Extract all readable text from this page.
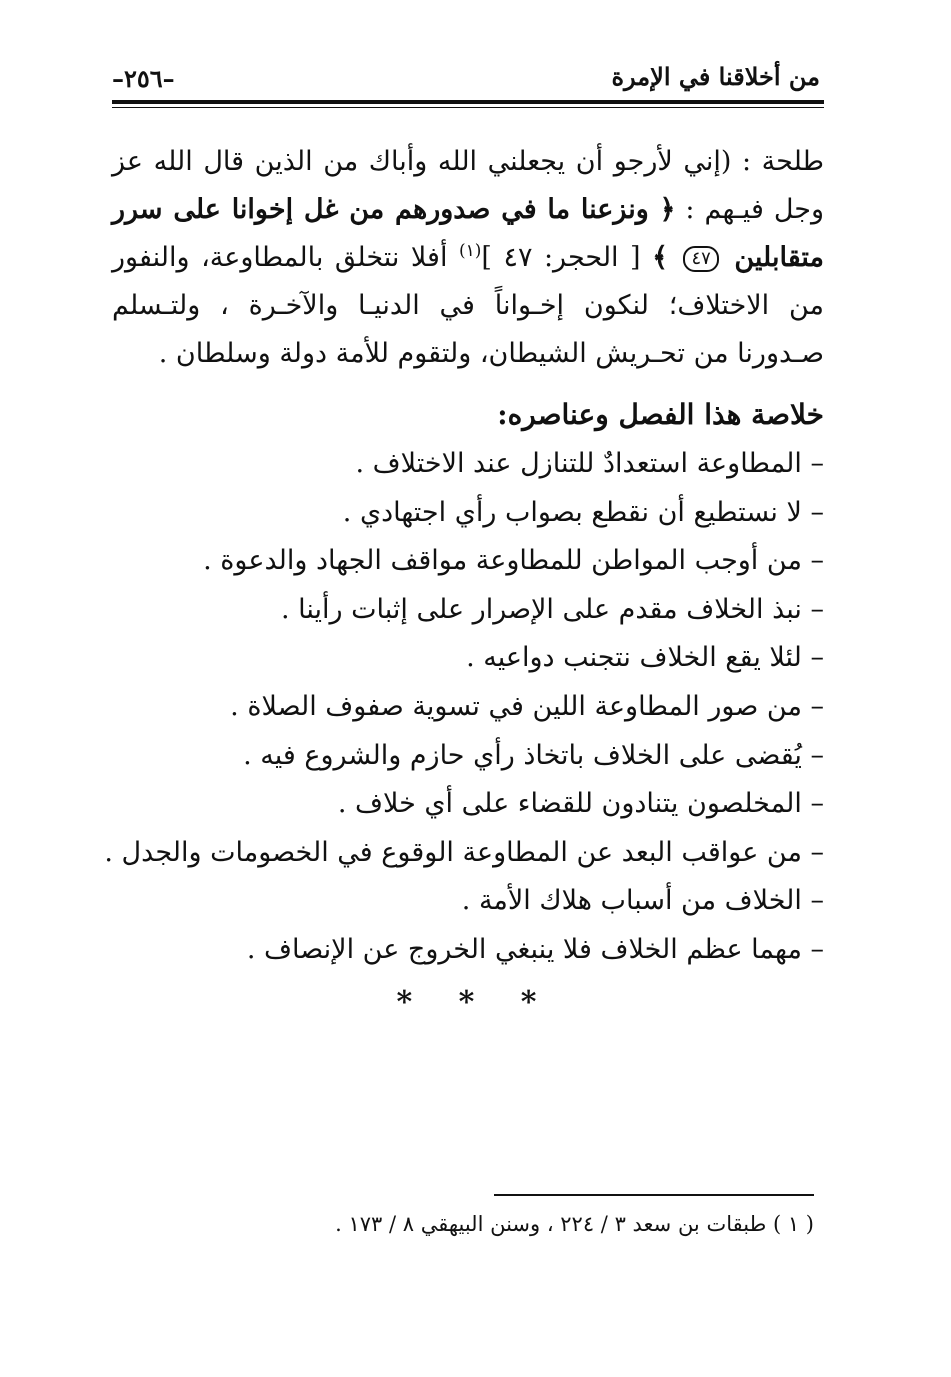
من أخلاقنا في الإمرة
–٢٥٦–

طلحة : (إني لأرجو أن يجعلني الله وأباك من الذين قال الله عز وجل فيـهم : ﴿ ونزعنا ما في صدورهم من غل إخوانا على سرر متقابلين ٤٧ ﴾ [ الحجر: ٤٧ ]$^{(١)}$ أفلا نتخلق بالمطاوعة، والنفور من الاختلاف؛ لنكون إخـواناً في الدنيـا والآخـرة ، ولتـسلم صـدورنا من تحـريش الشيطان، ولتقوم للأمة دولة وسلطان .

خلاصة هذا الفصل وعناصره:
– المطاوعة استعدادٌ للتنازل عند الاختلاف .
– لا نستطيع أن نقطع بصواب رأي اجتهادي .
– من أوجب المواطن للمطاوعة مواقف الجهاد والدعوة .
– نبذ الخلاف مقدم على الإصرار على إثبات رأينا .
– لئلا يقع الخلاف نتجنب دواعيه .
– من صور المطاوعة اللين في تسوية صفوف الصلاة .
– يُقضى على الخلاف باتخاذ رأي حازم والشروع فيه .
– المخلصون يتنادون للقضاء على أي خلاف .
– من عواقب البعد عن المطاوعة الوقوع في الخصومات والجدل .
– الخلاف من أسباب هلاك الأمة .
– مهما عظم الخلاف فلا ينبغي الخروج عن الإنصاف .
* * *
( ١ ) طبقات بن سعد ٣ / ٢٢٤ ، وسنن البيهقي ٨ / ١٧٣ .
